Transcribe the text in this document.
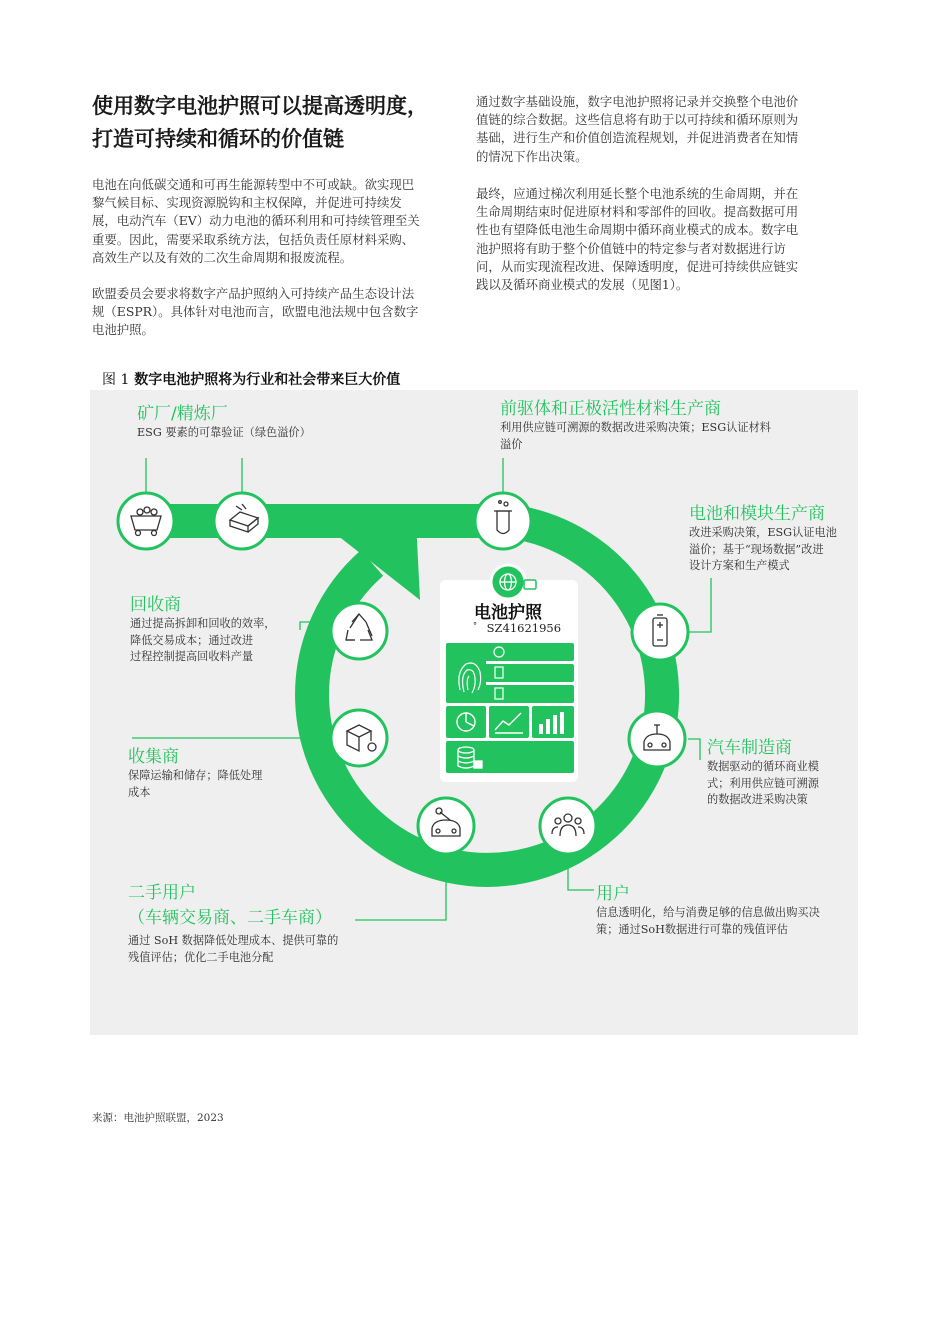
使用数字电池护照可以提高透明度，
打造可持续和循环的价值链
电池在向低碳交通和可再生能源转型中不可或缺。欲实现巴
黎气候目标、实现资源脱钩和主权保障，并促进可持续发
展，电动汽车（EV）动力电池的循环利用和可持续管理至关
重要。因此，需要采取系统方法，包括负责任原材料采购、
高效生产以及有效的二次生命周期和报废流程。
欧盟委员会要求将数字产品护照纳入可持续产品生态设计法
规（ESPR）。具体针对电池而言，欧盟电池法规中包含数字
电池护照。
通过数字基础设施，数字电池护照将记录并交换整个电池价
值链的综合数据。这些信息将有助于以可持续和循环原则为
基础，进行生产和价值创造流程规划，并促进消费者在知情
的情况下作出决策。
最终，应通过梯次利用延长整个电池系统的生命周期，并在
生命周期结束时促进原材料和零部件的回收。提高数据可用
性也有望降低电池生命周期中循环商业模式的成本。数字电
池护照将有助于整个价值链中的特定参与者对数据进行访
问，从而实现流程改进、保障透明度，促进可持续供应链实
践以及循环商业模式的发展（见图1）。
图 1 数字电池护照将为行业和社会带来巨大价值
电池护照
° SZ41621956
矿厂/精炼厂
ESG 要素的可靠验证（绿色溢价）
前驱体和正极活性材料生产商
利用供应链可溯源的数据改进采购决策；ESG认证材料
溢价
电池和模块生产商
改进采购决策，ESG认证电池
溢价；基于“现场数据”改进
设计方案和生产模式
回收商
通过提高拆卸和回收的效率，
降低交易成本；通过改进
过程控制提高回收料产量
收集商
保障运输和储存；降低处理
成本
汽车制造商
数据驱动的循环商业模
式；利用供应链可溯源
的数据改进采购决策
二手用户
（车辆交易商、二手车商）
通过 SoH 数据降低处理成本、提供可靠的
残值评估；优化二手电池分配
用户
信息透明化，给与消费足够的信息做出购买决
策；通过SoH数据进行可靠的残值评估
来源：电池护照联盟，2023
